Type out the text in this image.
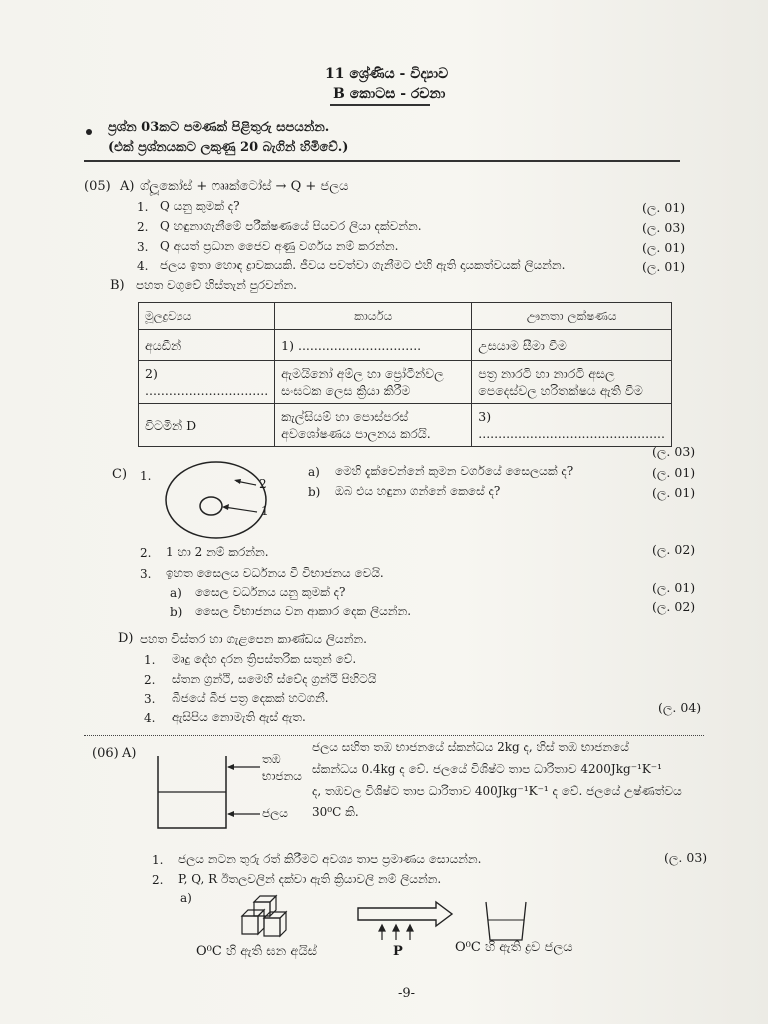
11 ශ්‍රේණිය - විද්‍යාව
B කොටස - රචනා
ප්‍රශ්න 03කට පමණක් පිළිතුරු සපයන්න.
(එක් ප්‍රශ්නයකට ලකුණු 20 බැගින් හිමිවේ.)
(05) A) ග්ලූකෝස් + ෆෲක්ටෝස් → Q + ජලය
1. Q යනු කුමක් ද?	(ල. 01)
2. Q හඳුනාගැනීමේ පරීක්ෂණයේ පියවර ලියා දක්වන්න.	(ල. 03)
3. Q අයත් ප්‍රධාන ජෛව අණු වර්ගය නම් කරන්න.	(ල. 01)
4. ජලය ඉතා හොඳ ද්‍රාවකයකි. ජීවය පවත්වා ගැනීමට එහි ඇති දායකත්වයක් ලියන්න.	(ල. 01)
B) පහත වගුවේ හිස්තැන් පුරවන්න.
මූලද්‍රව්‍යය	කාර්යය	ඌනතා ලක්ෂණය
අයඩීන්	1) ...............................	උසයාම සීමා වීම
2) ...............................	ඇමයිනෝ අම්ල හා ප්‍රෝටීන්වල සංඝටක ලෙස ක්‍රියා කිරීම	පත්‍ර නාරටි හා නාරටි අසල පෙදෙස්වල හරිතක්ෂය ඇති වීම
විටමින් D	කැල්සියම් හා පොස්පරස් අවශෝෂණය පාලනය කරයි.	3) ...............................................
(ල. 03)
C) 1.
2
1
a) මෙහි දැක්වෙන්නේ කුමන වර්ගයේ සෛලයක් ද?	(ල. 01)
b) ඔබ එය හඳුනා ගන්නේ කෙසේ ද?	(ල. 01)
2. 1 හා 2 නම් කරන්න.	(ල. 02)
3. ඉහත සෛලය වර්ධනය වී විභාජනය වෙයි.
a) සෛල වර්ධනය යනු කුමක් ද?	(ල. 01)
b) සෛල විභාජනය වන ආකාර දෙක ලියන්න.	(ල. 02)
D) පහත විස්තර හා ගැළපෙන කාණ්ඩය ලියන්න.
1. මෘදු දේහ දරන ත්‍රිපස්තරික සතුන් වේ.
2. ස්තන ග්‍රන්ථි, සමෙහි ස්වේද ග්‍රන්ථි පිහිටයි
3. බීජයේ බීජ පත්‍ර දෙකක් හටගනී.
4. ඇසිපිය නොමැති ඇස් ඇත.
(ල. 04)
(06) A)	තඹ
භාජනය
ජලය
ජලය සහිත තඹ භාජනයේ ස්කන්ධය 2kg ද, හිස් තඹ භාජනයේ
ස්කන්ධය 0.4kg ද වේ. ජලයේ විශිෂ්ට තාප ධාරිතාව 4200Jkg⁻¹K⁻¹
ද, තඹවල විශිෂ්ට තාප ධාරිතාව 400Jkg⁻¹K⁻¹ ද වේ. ජලයේ උෂ්ණත්වය
30⁰C කි.
1. ජලය නටන තුරු රත් කිරීමට අවශ්‍ය තාප ප්‍රමාණය සොයන්න.	(ල. 03)
2. P, Q, R ඊතලවලින් දක්වා ඇති ක්‍රියාවලි නම් ලියන්න.
a)
O⁰C හි ඇති ඝන අයිස්	P	O⁰C හි ඇති ද්‍රව ජලය
-9-
